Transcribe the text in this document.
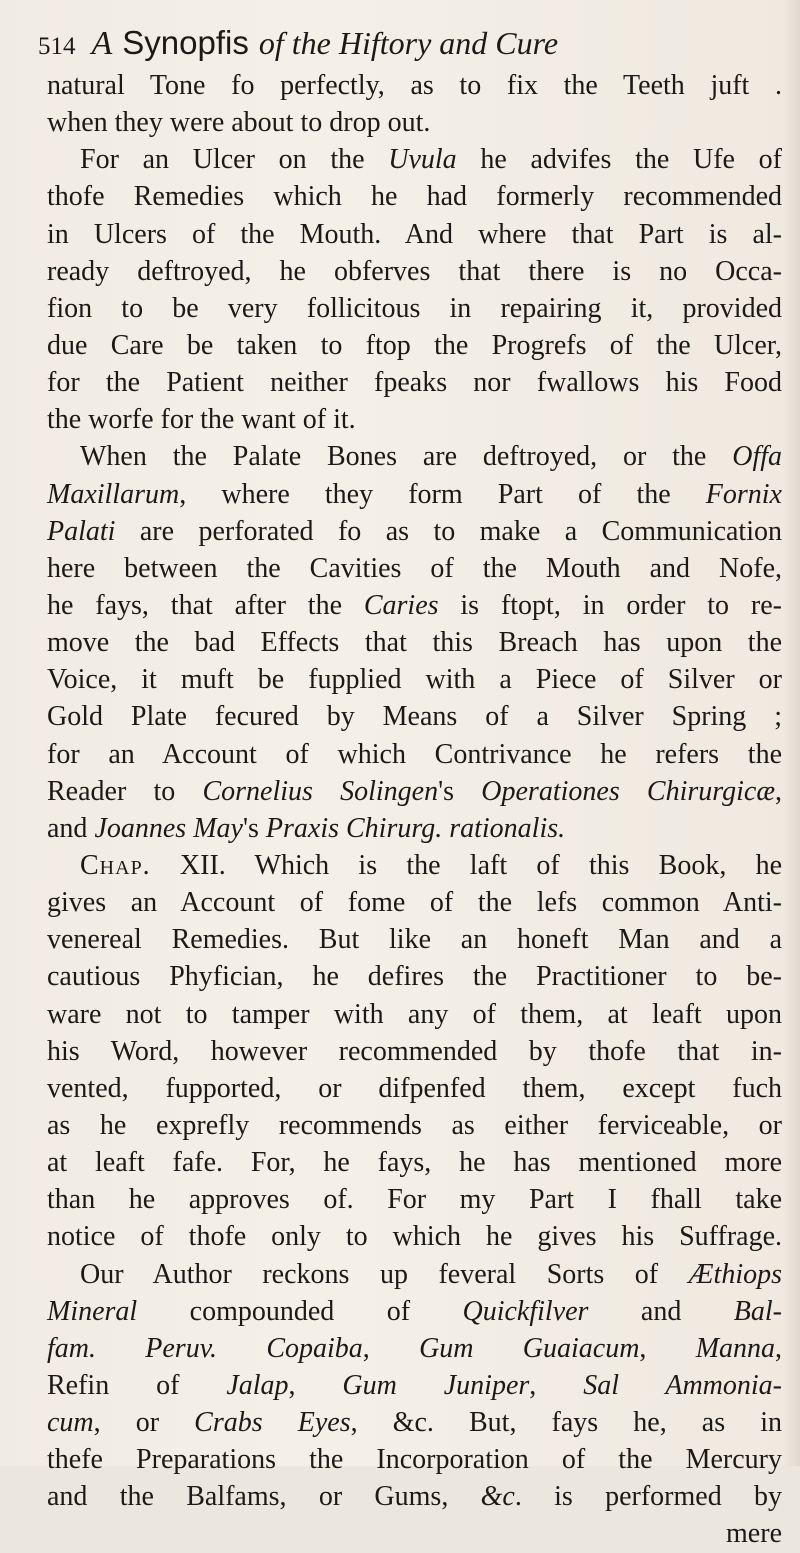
514 A Synopfis of the Hiftory and Cure
natural Tone fo perfectly, as to fix the Teeth juft .
when they were about to drop out.
For an Ulcer on the Uvula he advifes the Ufe of
thofe Remedies which he had formerly recommended
in Ulcers of the Mouth. And where that Part is al-
ready deftroyed, he obferves that there is no Occa-
fion to be very follicitous in repairing it, provided
due Care be taken to ftop the Progrefs of the Ulcer,
for the Patient neither fpeaks nor fwallows his Food
the worfe for the want of it.
When the Palate Bones are deftroyed, or the Offa
Maxillarum, where they form Part of the Fornix
Palati are perforated fo as to make a Communication
here between the Cavities of the Mouth and Nofe,
he fays, that after the Caries is ftopt, in order to re-
move the bad Effects that this Breach has upon the
Voice, it muft be fupplied with a Piece of Silver or
Gold Plate fecured by Means of a Silver Spring ;
for an Account of which Contrivance he refers the
Reader to Cornelius Solingen's Operationes Chirurgicæ,
and Joannes May's Praxis Chirurg. rationalis.
Chap. XII. Which is the laft of this Book, he
gives an Account of fome of the lefs common Anti-
venereal Remedies. But like an honeft Man and a
cautious Phyfician, he defires the Practitioner to be-
ware not to tamper with any of them, at leaft upon
his Word, however recommended by thofe that in-
vented, fupported, or difpenfed them, except fuch
as he exprefly recommends as either ferviceable, or
at leaft fafe. For, he fays, he has mentioned more
than he approves of. For my Part I fhall take
notice of thofe only to which he gives his Suffrage.
Our Author reckons up feveral Sorts of Æthiops
Mineral compounded of Quickfilver and Bal-
fam. Peruv. Copaiba, Gum Guaiacum, Manna,
Refin of Jalap, Gum Juniper, Sal Ammonia-
cum, or Crabs Eyes, &c. But, fays he, as in
thefe Preparations the Incorporation of the Mercury
and the Balfams, or Gums, &c. is performed by
mere
